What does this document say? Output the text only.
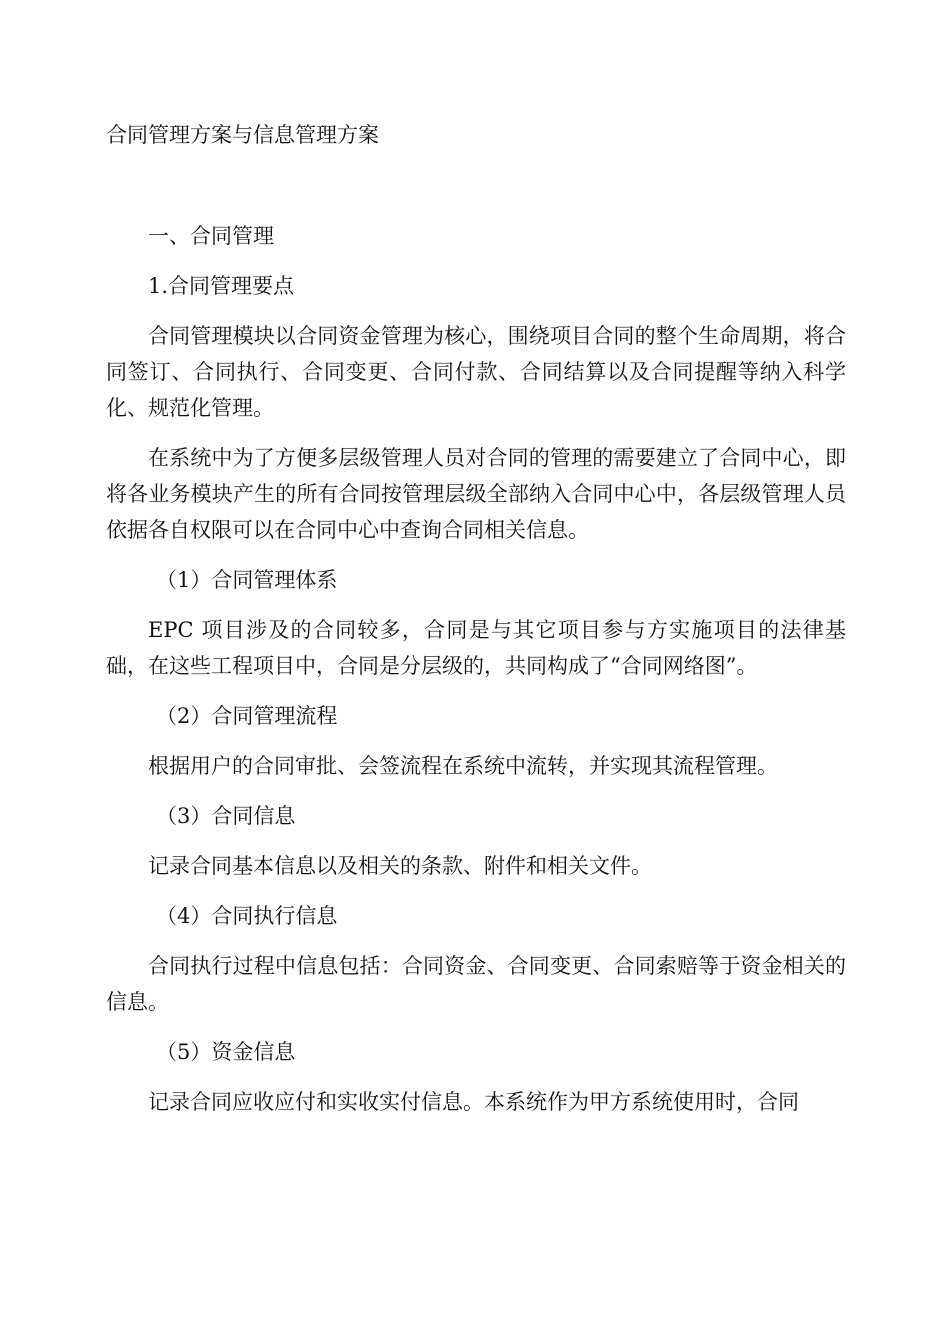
合同管理方案与信息管理方案

一、合同管理

1.合同管理要点

合同管理模块以合同资金管理为核心，围绕项目合同的整个生命周期，将合同签订、合同执行、合同变更、合同付款、合同结算以及合同提醒等纳入科学化、规范化管理。

在系统中为了方便多层级管理人员对合同的管理的需要建立了合同中心，即将各业务模块产生的所有合同按管理层级全部纳入合同中心中，各层级管理人员依据各自权限可以在合同中心中查询合同相关信息。

（1）合同管理体系

EPC 项目涉及的合同较多，合同是与其它项目参与方实施项目的法律基础，在这些工程项目中，合同是分层级的，共同构成了“合同网络图”。

（2）合同管理流程

根据用户的合同审批、会签流程在系统中流转，并实现其流程管理。

（3）合同信息

记录合同基本信息以及相关的条款、附件和相关文件。

（4）合同执行信息

合同执行过程中信息包括：合同资金、合同变更、合同索赔等于资金相关的信息。

（5）资金信息

记录合同应收应付和实收实付信息。本系统作为甲方系统使用时，合同
